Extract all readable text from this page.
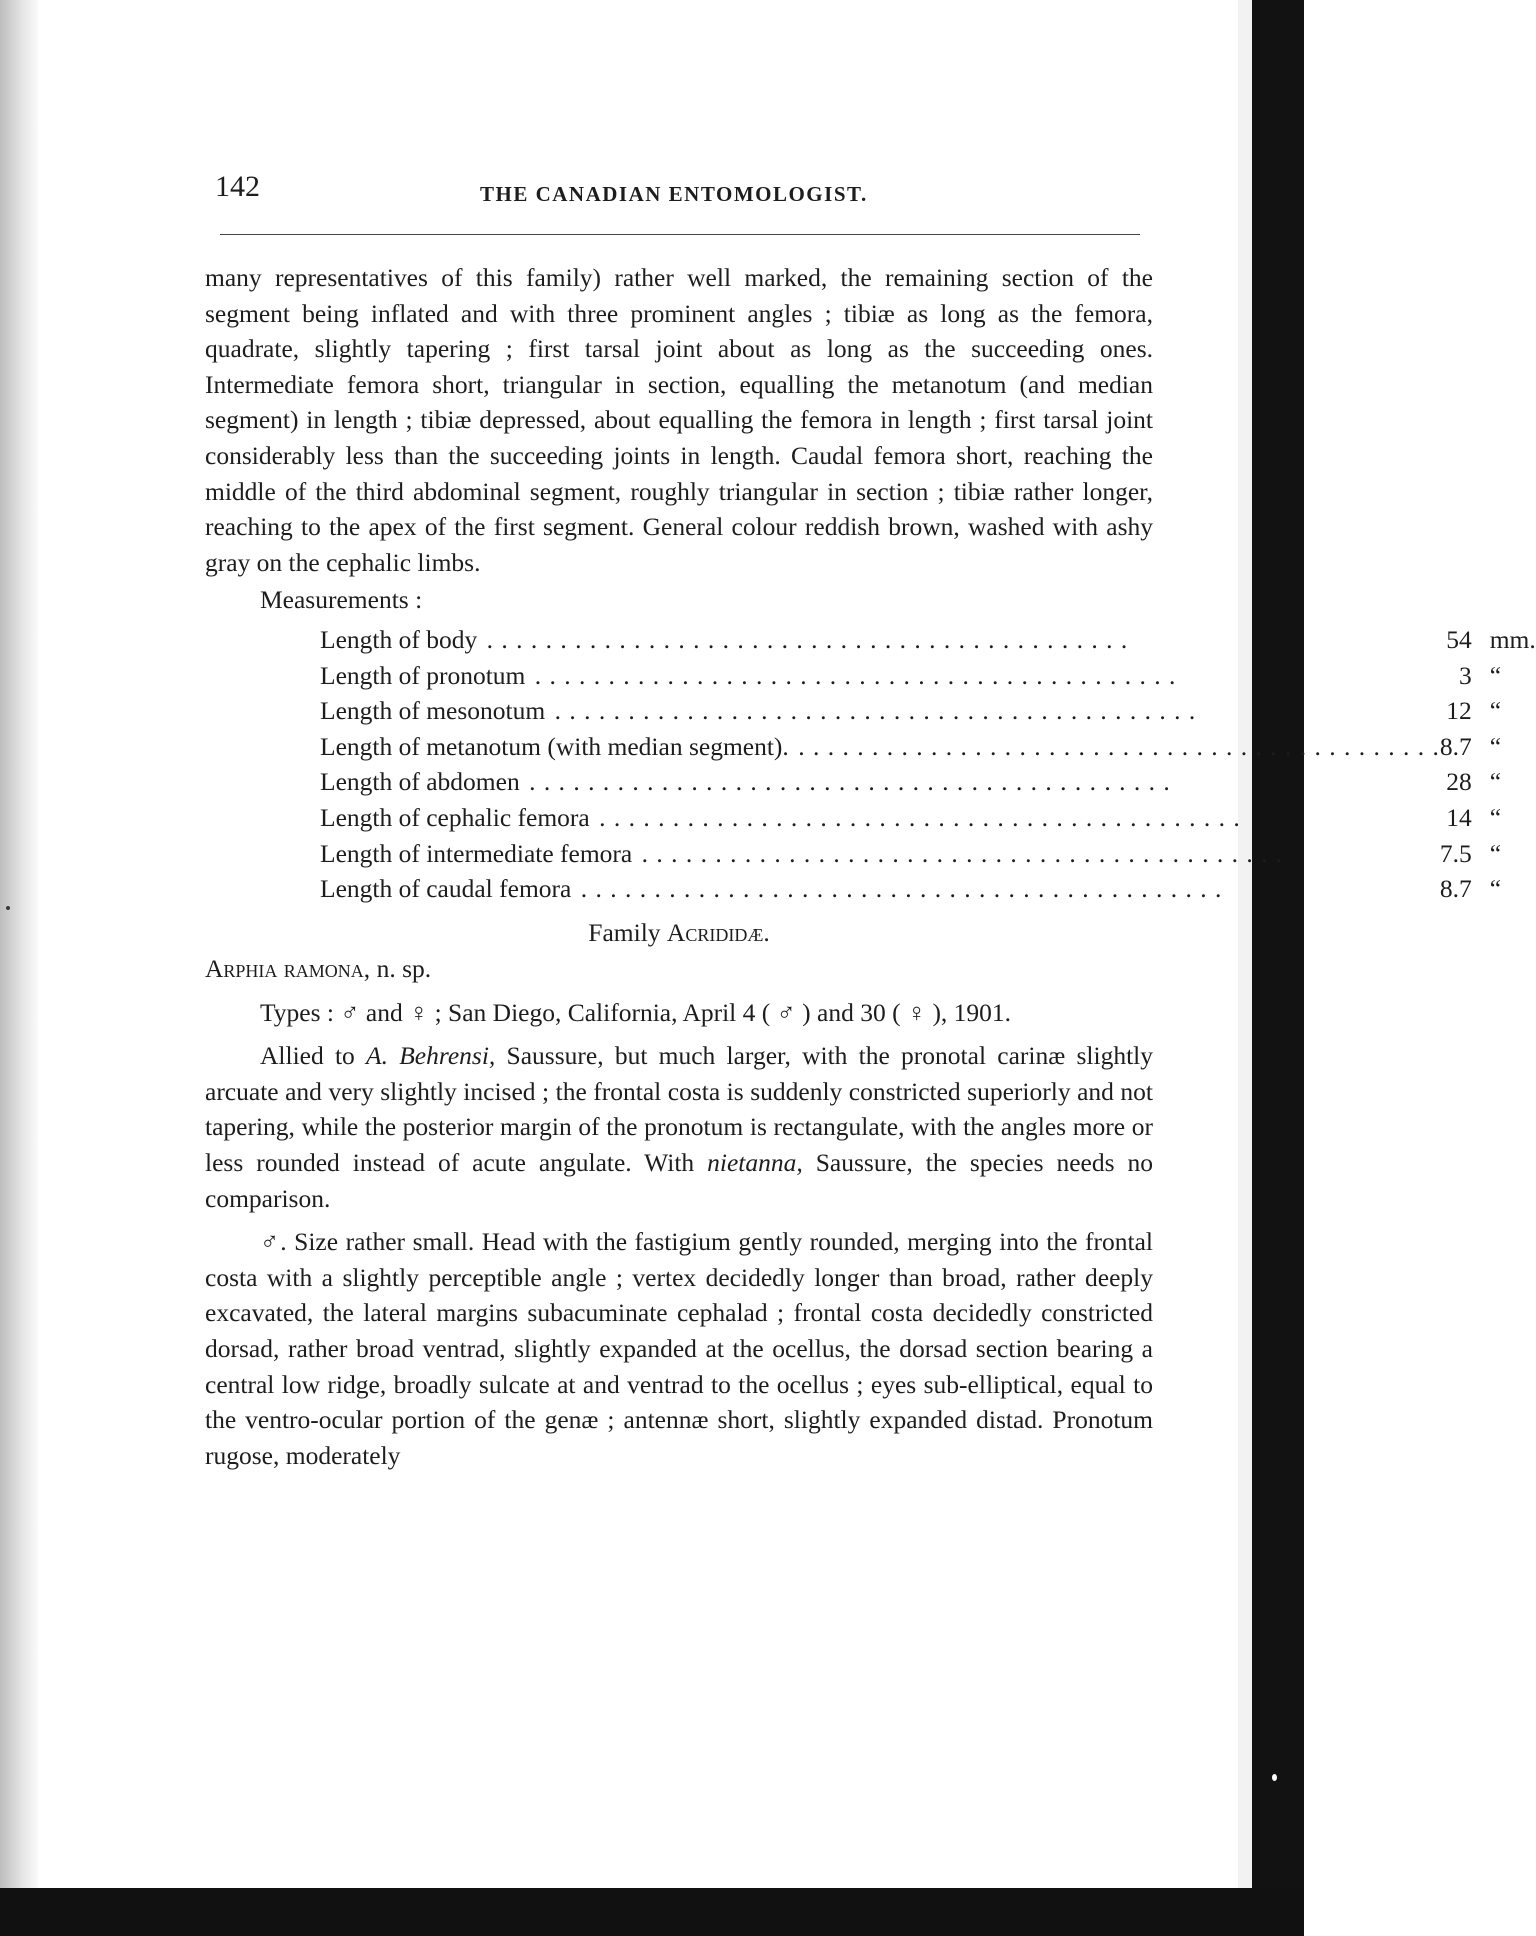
142	THE CANADIAN ENTOMOLOGIST.

many representatives of this family) rather well marked, the remaining section of the segment being inflated and with three prominent angles ; tibiæ as long as the femora, quadrate, slightly tapering ; first tarsal joint about as long as the succeeding ones. Intermediate femora short, triangular in section, equalling the metanotum (and median segment) in length ; tibiæ depressed, about equalling the femora in length ; first tarsal joint considerably less than the succeeding joints in length. Caudal femora short, reaching the middle of the third abdominal segment, roughly triangular in section ; tibiæ rather longer, reaching to the apex of the first segment. General colour reddish brown, washed with ashy gray on the cephalic limbs.

Measurements :

Length of body . . .	54	mm.
Length of pronotum . . .	3	“
Length of mesonotum . . .	12	“
Length of metanotum (with median segment). . . .	8.7	“
Length of abdomen . . .	28	“
Length of cephalic femora . . .	14	“
Length of intermediate femora . . .	7.5	“
Length of caudal femora . . .	8.7	“
Family Acrididæ.
Arphia ramona, n. sp.

Types : ♂ and ♀ ; San Diego, California, April 4 ( ♂ ) and 30 ( ♀ ), 1901.

Allied to A. Behrensi, Saussure, but much larger, with the pronotal carinæ slightly arcuate and very slightly incised ; the frontal costa is suddenly constricted superiorly and not tapering, while the posterior margin of the pronotum is rectangulate, with the angles more or less rounded instead of acute angulate. With nietanna, Saussure, the species needs no comparison.

♂. Size rather small. Head with the fastigium gently rounded, merging into the frontal costa with a slightly perceptible angle ; vertex decidedly longer than broad, rather deeply excavated, the lateral margins subacuminate cephalad ; frontal costa decidedly constricted dorsad, rather broad ventrad, slightly expanded at the ocellus, the dorsad section bearing a central low ridge, broadly sulcate at and ventrad to the ocellus ; eyes sub-elliptical, equal to the ventro-ocular portion of the genæ ; antennæ short, slightly expanded distad. Pronotum rugose, moderately
